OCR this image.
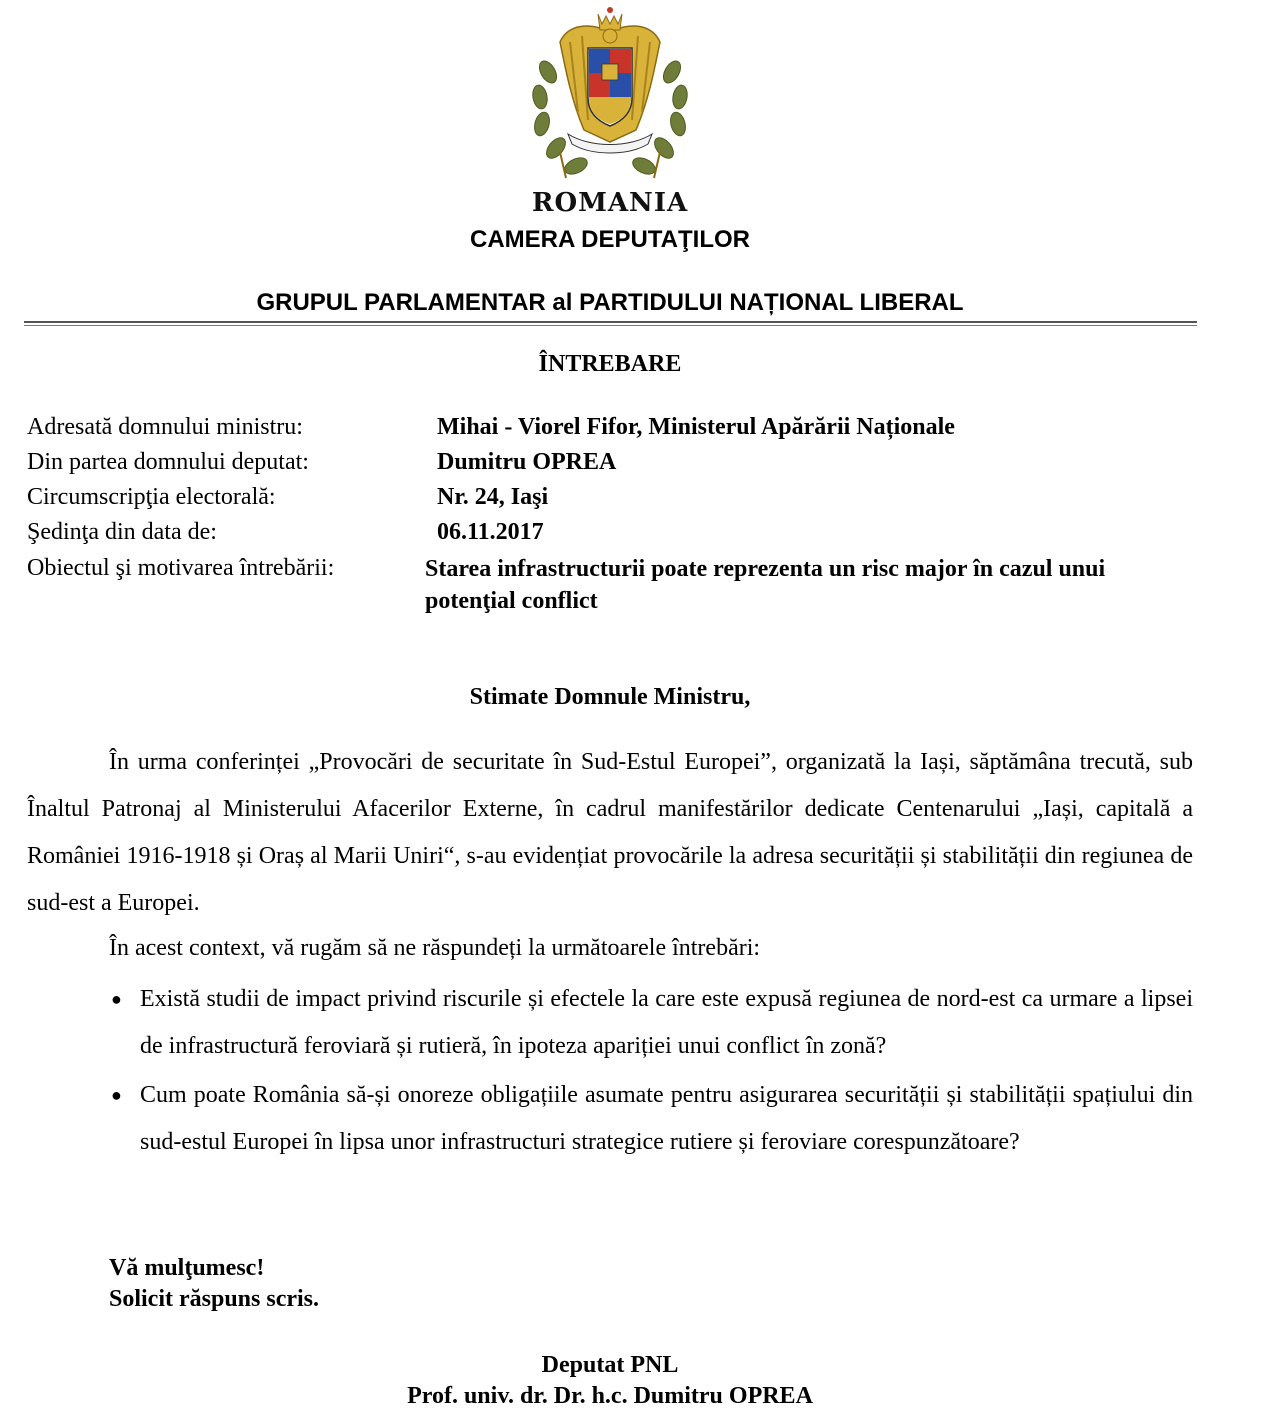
ROMANIA
CAMERA DEPUTAŢILOR
GRUPUL PARLAMENTAR al PARTIDULUI NAȚIONAL LIBERAL
ÎNTREBARE
Adresată domnului ministru:	Mihai - Viorel Fifor, Ministerul Apărării Naționale
Din partea domnului deputat:	Dumitru OPREA
Circumscripţia electorală:	Nr. 24, Iaşi
Şedinţa din data de:	06.11.2017
Obiectul şi motivarea întrebării:	Starea infrastructurii poate reprezenta un risc major în cazul unui potenţial conflict
Stimate Domnule Ministru,
În urma conferinței „Provocări de securitate în Sud-Estul Europei”, organizată la Iași, săptămâna trecută, sub Înaltul Patronaj al Ministerului Afacerilor Externe, în cadrul manifestărilor dedicate Centenarului „Iași, capitală a României 1916-1918 și Oraș al Marii Uniri“, s-au evidențiat provocările la adresa securității și stabilității din regiunea de sud-est a Europei.
În acest context, vă rugăm să ne răspundeți la următoarele întrebări:
● Există studii de impact privind riscurile și efectele la care este expusă regiunea de nord-est ca urmare a lipsei de infrastructură feroviară și rutieră, în ipoteza apariției unui conflict în zonă?
● Cum poate România să-și onoreze obligațiile asumate pentru asigurarea securității și stabilității spațiului din sud-estul Europei în lipsa unor infrastructuri strategice rutiere și feroviare corespunzătoare?
Vă mulţumesc!
Solicit răspuns scris.
Deputat PNL
Prof. univ. dr. Dr. h.c. Dumitru OPREA
